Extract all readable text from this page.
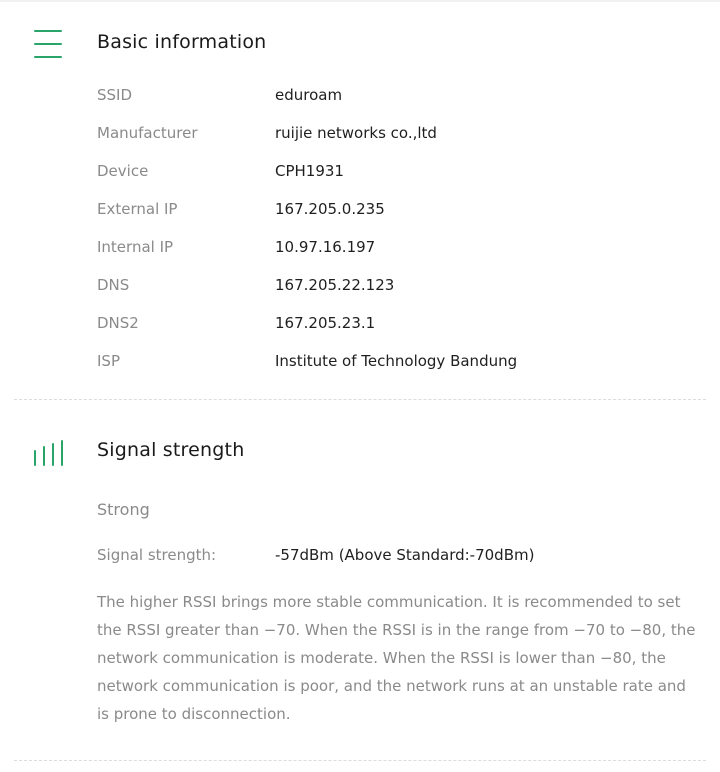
Basic information
SSID	eduroam
Manufacturer	ruijie networks co.,ltd
Device	CPH1931
External IP	167.205.0.235
Internal IP	10.97.16.197
DNS	167.205.22.123
DNS2	167.205.23.1
ISP	Institute of Technology Bandung
Signal strength
Strong
Signal strength:	-57dBm (Above Standard:-70dBm)

The higher RSSI brings more stable communication. It is recommended to set the RSSI greater than −70. When the RSSI is in the range from −70 to −80, the network communication is moderate. When the RSSI is lower than −80, the network communication is poor, and the network runs at an unstable rate and is prone to disconnection.
